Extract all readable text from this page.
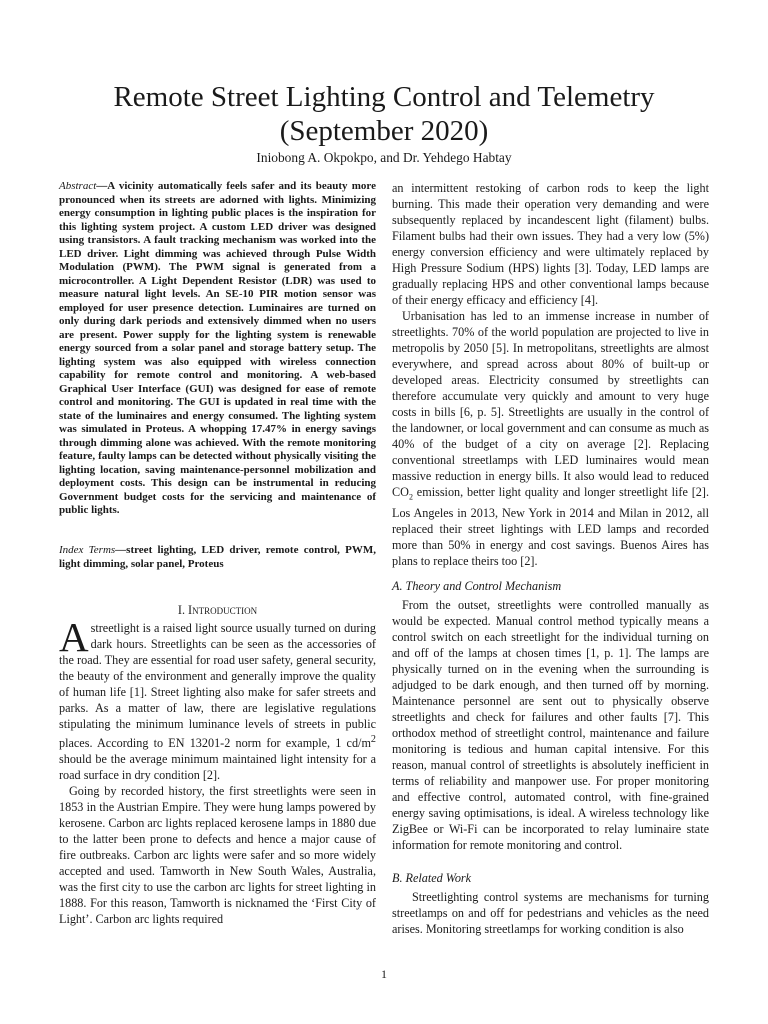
Remote Street Lighting Control and Telemetry
(September 2020)
Iniobong A. Okpokpo, and Dr. Yehdego Habtay
Abstract—A vicinity automatically feels safer and its beauty more pronounced when its streets are adorned with lights. Minimizing energy consumption in lighting public places is the inspiration for this lighting system project. A custom LED driver was designed using transistors. A fault tracking mechanism was worked into the LED driver. Light dimming was achieved through Pulse Width Modulation (PWM). The PWM signal is generated from a microcontroller. A Light Dependent Resistor (LDR) was used to measure natural light levels. An SE-10 PIR motion sensor was employed for user presence detection. Luminaires are turned on only during dark periods and extensively dimmed when no users are present. Power supply for the lighting system is renewable energy sourced from a solar panel and storage battery setup. The lighting system was also equipped with wireless connection capability for remote control and monitoring. A web-based Graphical User Interface (GUI) was designed for ease of remote control and monitoring. The GUI is updated in real time with the state of the luminaires and energy consumed. The lighting system was simulated in Proteus. A whopping 17.47% in energy savings through dimming alone was achieved. With the remote monitoring feature, faulty lamps can be detected without physically visiting the lighting location, saving maintenance-personnel mobilization and deployment costs. This design can be instrumental in reducing Government budget costs for the servicing and maintenance of public lights.
Index Terms—street lighting, LED driver, remote control, PWM, light dimming, solar panel, Proteus
I. Introduction

Astreetlight is a raised light source usually turned on during dark hours. Streetlights can be seen as the accessories of the road. They are essential for road user safety, general security, the beauty of the environment and generally improve the quality of human life [1]. Street lighting also make for safer streets and parks. As a matter of law, there are legislative regulations stipulating the minimum luminance levels of streets in public places. According to EN 13201-2 norm for example, 1 $cd/m^2$ should be the average minimum maintained light intensity for a road surface in dry condition [2].

Going by recorded history, the first streetlights were seen in 1853 in the Austrian Empire. They were hung lamps powered by kerosene. Carbon arc lights replaced kerosene lamps in 1880 due to the latter been prone to defects and hence a major cause of fire outbreaks. Carbon arc lights were safer and so more widely accepted and used. Tamworth in New South Wales, Australia, was the first city to use the carbon arc lights for street lighting in 1888. For this reason, Tamworth is nicknamed the ‘First City of Light’. Carbon arc lights required

an intermittent restoking of carbon rods to keep the light burning. This made their operation very demanding and were subsequently replaced by incandescent light (filament) bulbs. Filament bulbs had their own issues. They had a very low (5%) energy conversion efficiency and were ultimately replaced by High Pressure Sodium (HPS) lights [3]. Today, LED lamps are gradually replacing HPS and other conventional lamps because of their energy efficacy and efficiency [4].

Urbanisation has led to an immense increase in number of streetlights. 70% of the world population are projected to live in metropolis by 2050 [5]. In metropolitans, streetlights are almost everywhere, and spread across about 80% of built-up or developed areas. Electricity consumed by streetlights can therefore accumulate very quickly and amount to very huge costs in bills [6, p. 5]. Streetlights are usually in the control of the landowner, or local government and can consume as much as 40% of the budget of a city on average [2]. Replacing conventional streetlamps with LED luminaires would mean massive reduction in energy bills. It also would lead to reduced $CO_2$ emission, better light quality and longer streetlight life [2]. Los Angeles in 2013, New York in 2014 and Milan in 2012, all replaced their street lightings with LED lamps and recorded more than 50% in energy and cost savings. Buenos Aires has plans to replace theirs too [2].

A. Theory and Control Mechanism

From the outset, streetlights were controlled manually as would be expected. Manual control method typically means a control switch on each streetlight for the individual turning on and off of the lamps at chosen times [1, p. 1]. The lamps are physically turned on in the evening when the surrounding is adjudged to be dark enough, and then turned off by morning. Maintenance personnel are sent out to physically observe streetlights and check for failures and other faults [7]. This orthodox method of streetlight control, maintenance and failure monitoring is tedious and human capital intensive. For this reason, manual control of streetlights is absolutely inefficient in terms of reliability and manpower use. For proper monitoring and effective control, automated control, with fine-grained energy saving optimisations, is ideal. A wireless technology like ZigBee or Wi-Fi can be incorporated to relay luminaire state information for remote monitoring and control.

B. Related Work

Streetlighting control systems are mechanisms for turning streetlamps on and off for pedestrians and vehicles as the need arises. Monitoring streetlamps for working condition is also

1
